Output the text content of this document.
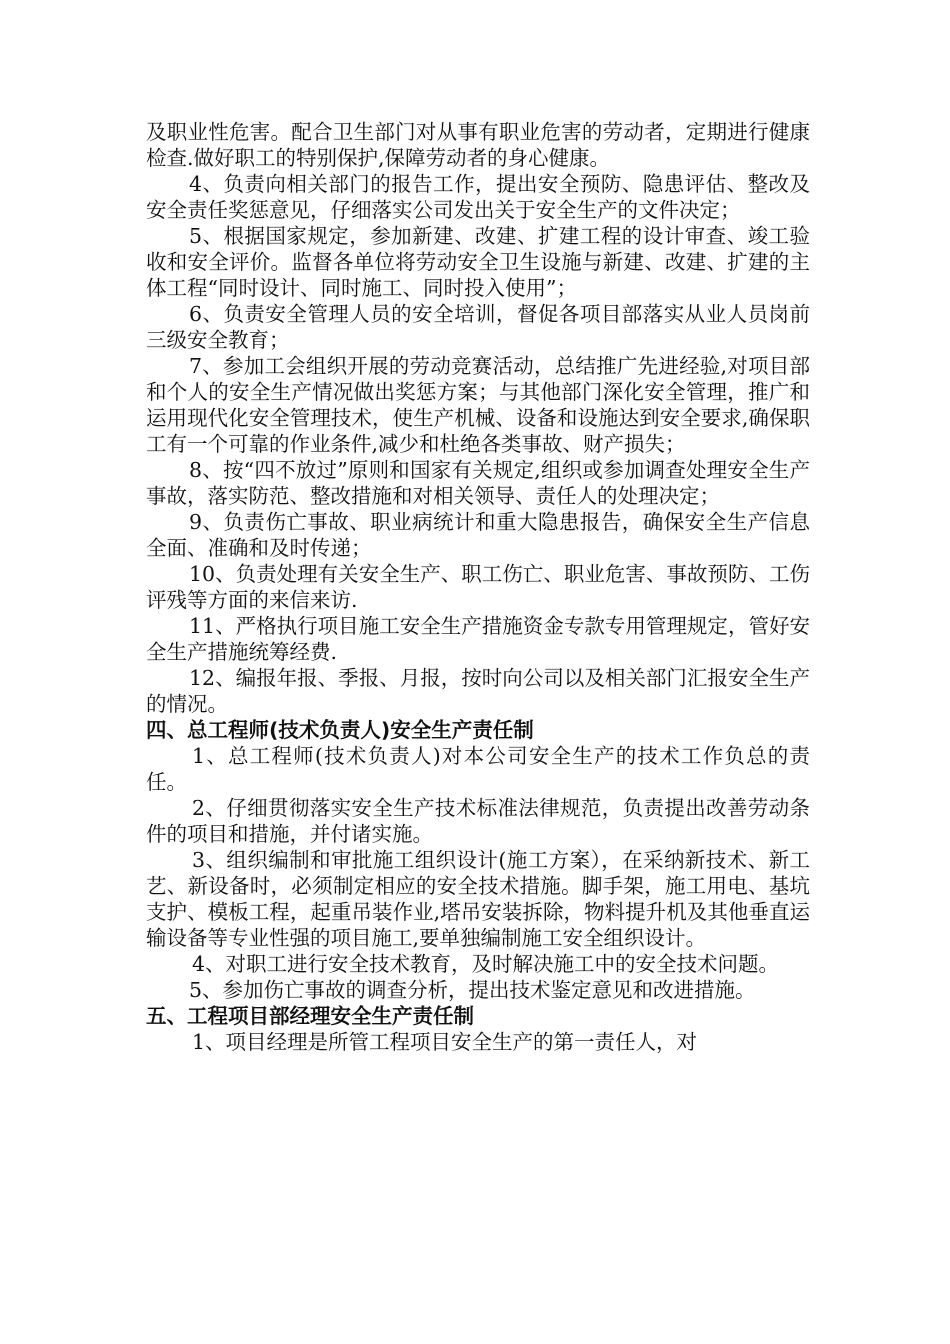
及职业性危害。配合卫生部门对从事有职业危害的劳动者，定期进行健康检查.做好职工的特别保护,保障劳动者的身心健康。

4、负责向相关部门的报告工作，提出安全预防、隐患评估、整改及安全责任奖惩意见，仔细落实公司发出关于安全生产的文件决定；

5、根据国家规定，参加新建、改建、扩建工程的设计审查、竣工验收和安全评价。监督各单位将劳动安全卫生设施与新建、改建、扩建的主体工程“同时设计、同时施工、同时投入使用”；

6、负责安全管理人员的安全培训，督促各项目部落实从业人员岗前三级安全教育；

7、参加工会组织开展的劳动竞赛活动，总结推广先进经验,对项目部和个人的安全生产情况做出奖惩方案；与其他部门深化安全管理，推广和运用现代化安全管理技术，使生产机械、设备和设施达到安全要求,确保职工有一个可靠的作业条件,减少和杜绝各类事故、财产损失；

8、按“四不放过”原则和国家有关规定,组织或参加调查处理安全生产事故，落实防范、整改措施和对相关领导、责任人的处理决定；

9、负责伤亡事故、职业病统计和重大隐患报告，确保安全生产信息全面、准确和及时传递；

10、负责处理有关安全生产、职工伤亡、职业危害、事故预防、工伤评残等方面的来信来访.

11、严格执行项目施工安全生产措施资金专款专用管理规定，管好安全生产措施统筹经费.

12、编报年报、季报、月报，按时向公司以及相关部门汇报安全生产的情况。

四、总工程师(技术负责人)安全生产责任制

1、总工程师(技术负责人)对本公司安全生产的技术工作负总的责任。

2、仔细贯彻落实安全生产技术标准法律规范，负责提出改善劳动条件的项目和措施，并付诸实施。

3、组织编制和审批施工组织设计(施工方案），在采纳新技术、新工艺、新设备时，必须制定相应的安全技术措施。脚手架，施工用电、基坑支护、模板工程，起重吊装作业,塔吊安装拆除，物料提升机及其他垂直运输设备等专业性强的项目施工,要单独编制施工安全组织设计。

4、对职工进行安全技术教育，及时解决施工中的安全技术问题。

5、参加伤亡事故的调查分析，提出技术鉴定意见和改进措施。

五、工程项目部经理安全生产责任制

1、项目经理是所管工程项目安全生产的第一责任人，对
